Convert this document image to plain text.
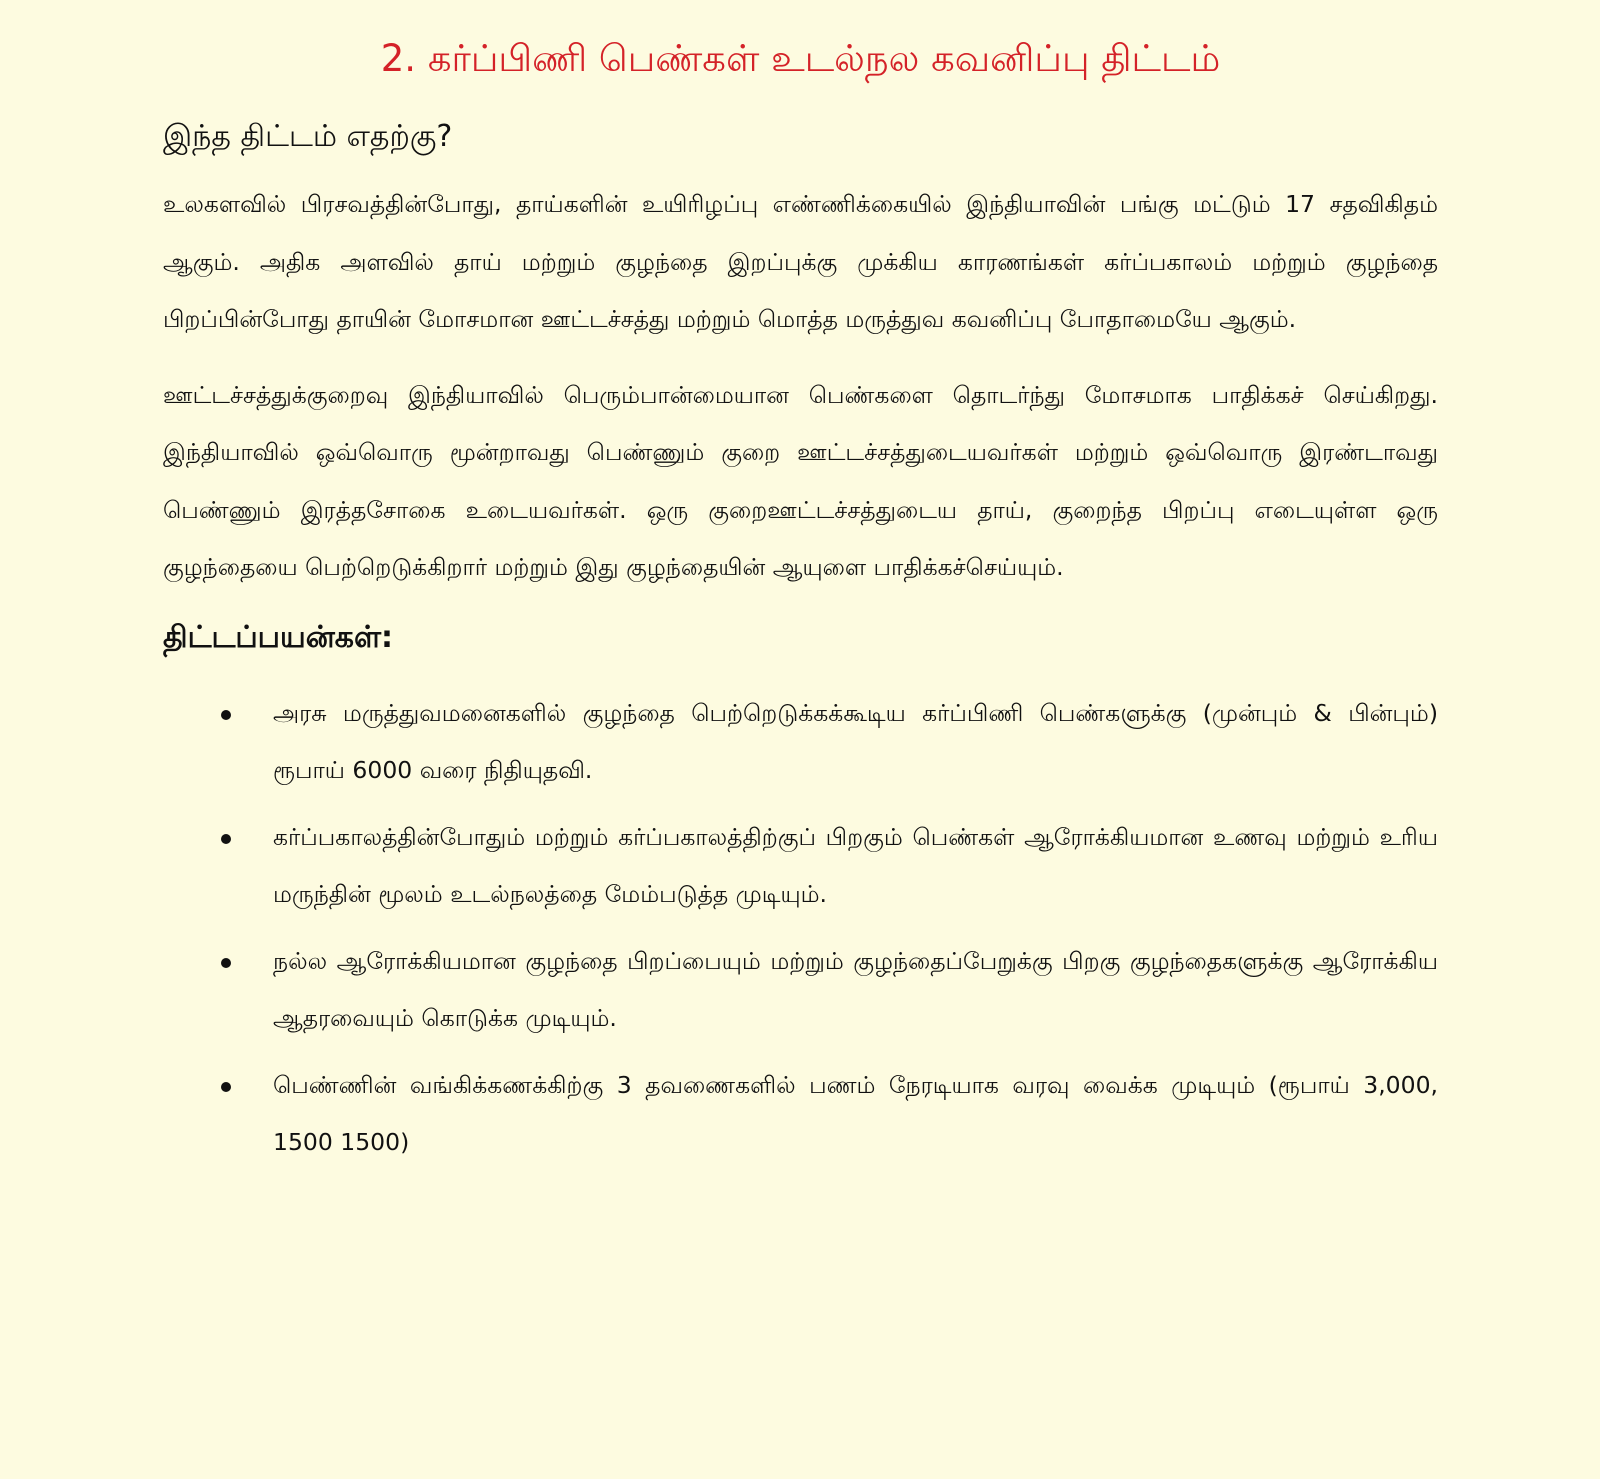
2. கர்ப்பிணி பெண்கள் உடல்நல கவனிப்பு திட்டம்
இந்த திட்டம் எதற்கு?

உலகளவில் பிரசவத்தின்போது, தாய்களின் உயிரிழப்பு எண்ணிக்கையில் இந்தியாவின் பங்கு மட்டும் 17 சதவிகிதம் ஆகும். அதிக அளவில் தாய் மற்றும் குழந்தை இறப்புக்கு முக்கிய காரணங்கள் கர்ப்பகாலம் மற்றும் குழந்தை பிறப்பின்போது தாயின் மோசமான ஊட்டச்சத்து மற்றும் மொத்த மருத்துவ கவனிப்பு போதாமையே ஆகும்.

ஊட்டச்சத்துக்குறைவு இந்தியாவில் பெரும்பான்மையான பெண்களை தொடர்ந்து மோசமாக பாதிக்கச் செய்கிறது. இந்தியாவில் ஒவ்வொரு மூன்றாவது பெண்ணும் குறை ஊட்டச்சத்துடையவர்கள் மற்றும் ஒவ்வொரு இரண்டாவது பெண்ணும் இரத்தசோகை உடையவர்கள். ஒரு குறைஊட்டச்சத்துடைய தாய், குறைந்த பிறப்பு எடையுள்ள ஒரு குழந்தையை பெற்றெடுக்கிறார் மற்றும் இது குழந்தையின் ஆயுளை பாதிக்கச்செய்யும்.

திட்டப்பயன்கள்:
அரசு மருத்துவமனைகளில் குழந்தை பெற்றெடுக்கக்கூடிய கர்ப்பிணி பெண்களுக்கு (முன்பும் & பின்பும்) ரூபாய் 6000 வரை நிதியுதவி.
கர்ப்பகாலத்தின்போதும் மற்றும் கர்ப்பகாலத்திற்குப் பிறகும் பெண்கள் ஆரோக்கியமான உணவு மற்றும் உரிய மருந்தின் மூலம் உடல்நலத்தை மேம்படுத்த முடியும்.
நல்ல ஆரோக்கியமான குழந்தை பிறப்பையும் மற்றும் குழந்தைப்பேறுக்கு பிறகு குழந்தைகளுக்கு ஆரோக்கிய ஆதரவையும் கொடுக்க முடியும்.
பெண்ணின் வங்கிக்கணக்கிற்கு 3 தவணைகளில் பணம் நேரடியாக வரவு வைக்க முடியும் (ரூபாய் 3,000, 1500 1500)
